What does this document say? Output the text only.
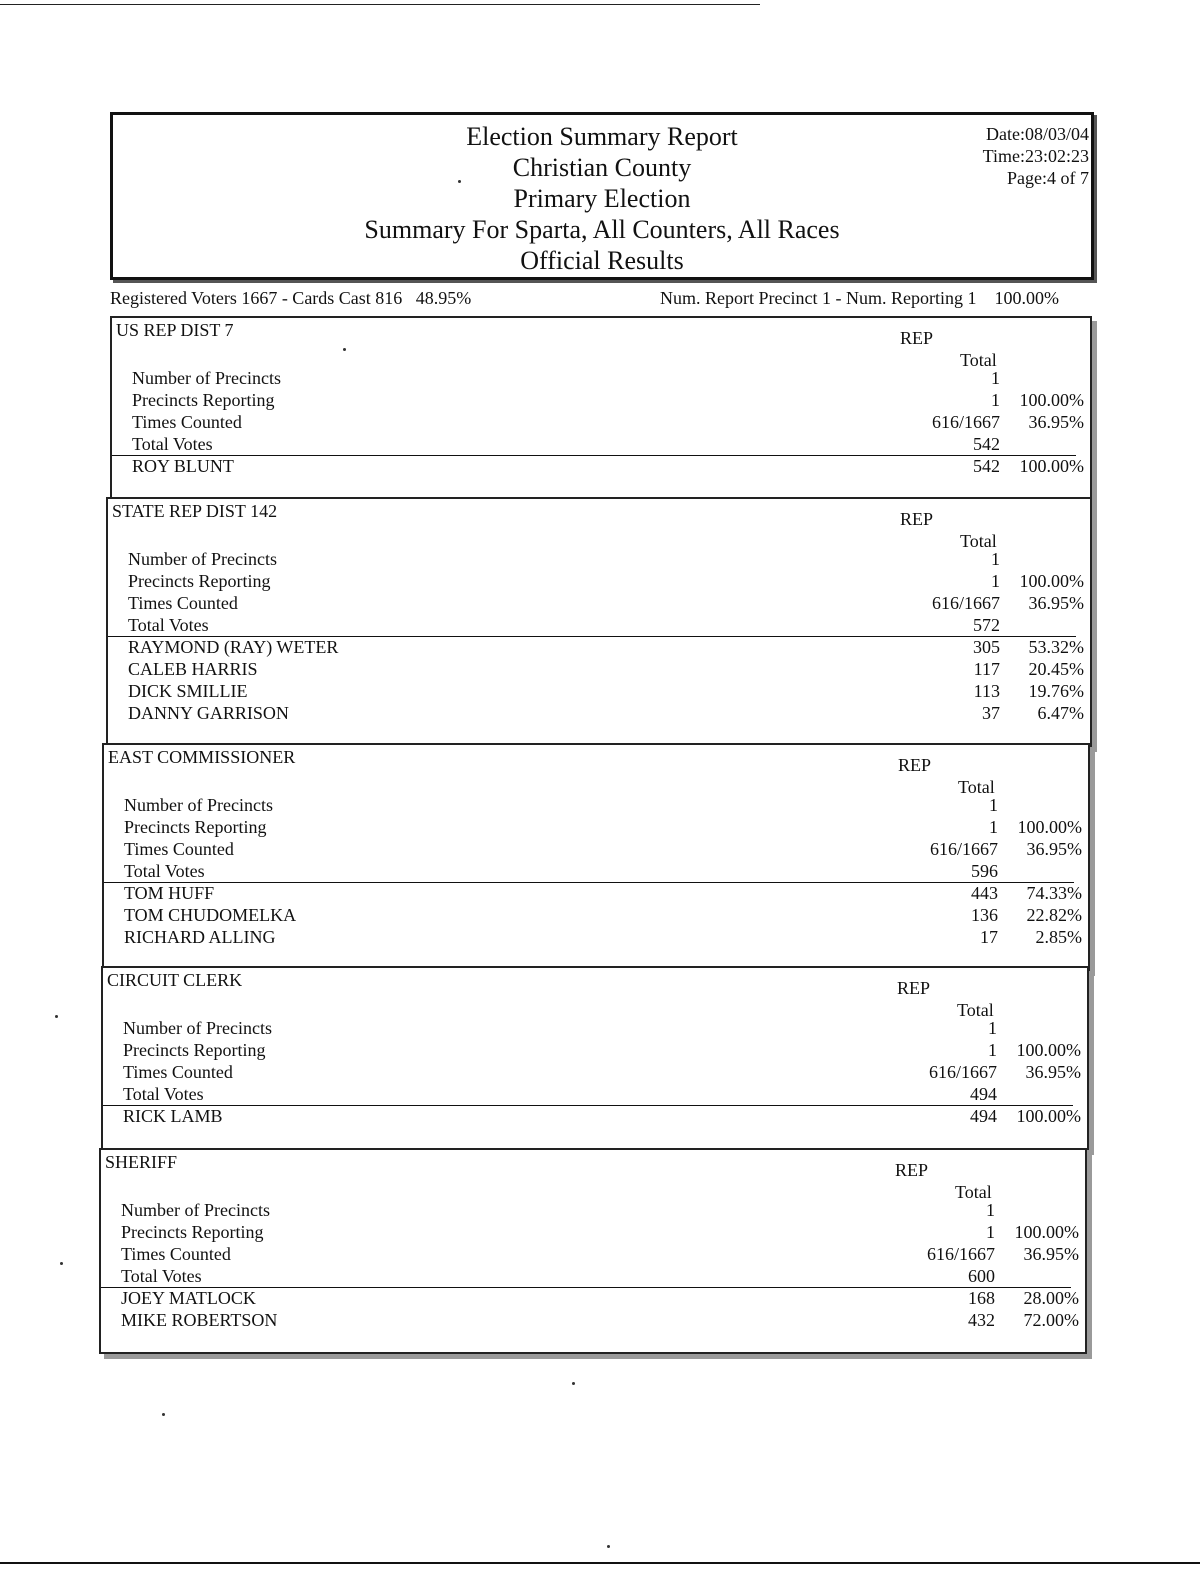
Election Summary Report
Christian County
Primary Election
Summary For Sparta, All Counters, All Races
Official Results
Date:08/03/04
Time:23:02:23
Page:4 of 7
Registered Voters 1667 - Cards Cast 816   48.95%	Num. Report Precinct 1 - Num. Reporting 1    100.00%
US REP DIST 7	REP
Total
Number of Precincts	1
Precincts Reporting	1	100.00%
Times Counted	616/1667	36.95%
Total Votes	542
ROY BLUNT	542	100.00%
STATE REP DIST 142	REP
Total
Number of Precincts	1
Precincts Reporting	1	100.00%
Times Counted	616/1667	36.95%
Total Votes	572
RAYMOND (RAY) WETER	305	53.32%
CALEB HARRIS	117	20.45%
DICK SMILLIE	113	19.76%
DANNY GARRISON	37	6.47%
EAST COMMISSIONER	REP
Total
Number of Precincts	1
Precincts Reporting	1	100.00%
Times Counted	616/1667	36.95%
Total Votes	596
TOM HUFF	443	74.33%
TOM CHUDOMELKA	136	22.82%
RICHARD ALLING	17	2.85%
CIRCUIT CLERK	REP
Total
Number of Precincts	1
Precincts Reporting	1	100.00%
Times Counted	616/1667	36.95%
Total Votes	494
RICK LAMB	494	100.00%
SHERIFF	REP
Total
Number of Precincts	1
Precincts Reporting	1	100.00%
Times Counted	616/1667	36.95%
Total Votes	600
JOEY MATLOCK	168	28.00%
MIKE ROBERTSON	432	72.00%
